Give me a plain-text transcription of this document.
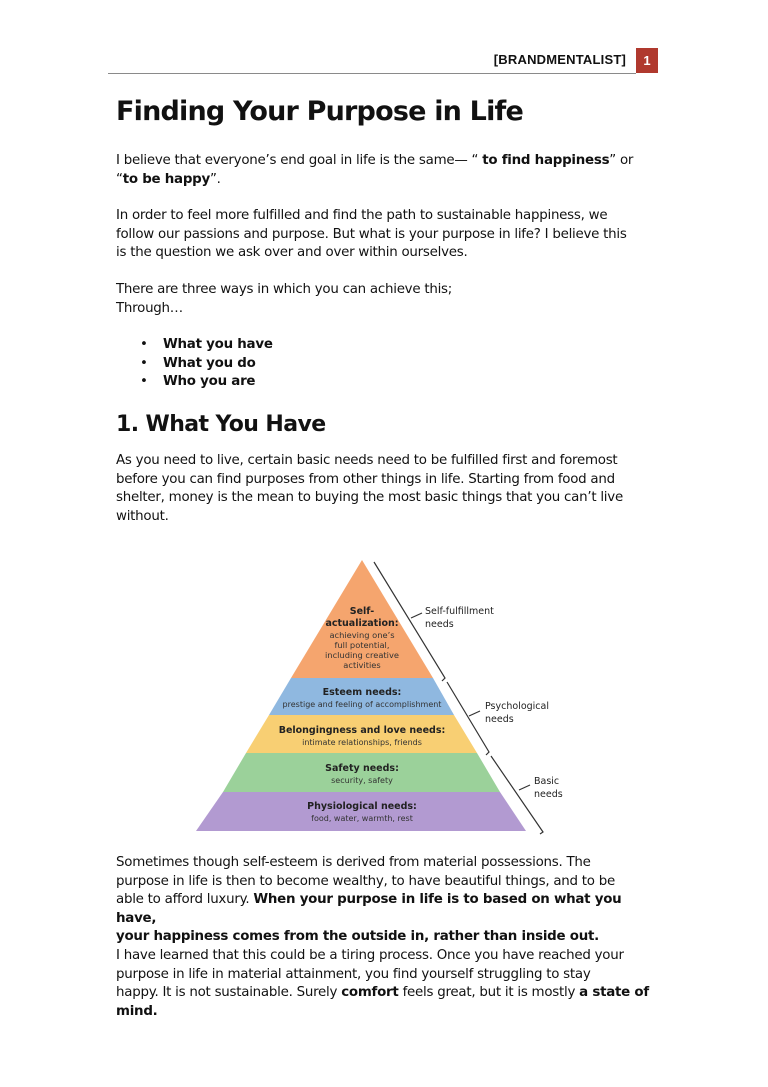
[BRANDMENTALIST]	1
Finding Your Purpose in Life

I believe that everyone’s end goal in life is the same— “ to find happiness” or
“to be happy”.

In order to feel more fulfilled and find the path to sustainable happiness, we
follow our passions and purpose. But what is your purpose in life? I believe this
is the question we ask over and over within ourselves.

There are three ways in which you can achieve this;
Through…

• What you have
• What you do
• Who you are
1. What You Have

As you need to live, certain basic needs need to be fulfilled first and foremost
before you can find purposes from other things in life. Starting from food and
shelter, money is the mean to buying the most basic things that you can’t live
without.

Self-
actualization:
achieving one’s
full potential,
including creative
activities
Esteem needs:
prestige and feeling of accomplishment
Belongingness and love needs:
intimate relationships, friends
Safety needs:
security, safety
Physiological needs:
food, water, warmth, rest
Self-fulfillment
needs
Psychological
needs
Basic
needs

Sometimes though self-esteem is derived from material possessions. The
purpose in life is then to become wealthy, to have beautiful things, and to be
able to afford luxury. When your purpose in life is to based on what you have,
your happiness comes from the outside in, rather than inside out.
I have learned that this could be a tiring process. Once you have reached your
purpose in life in material attainment, you find yourself struggling to stay
happy. It is not sustainable. Surely comfort feels great, but it is mostly a state of
mind.
